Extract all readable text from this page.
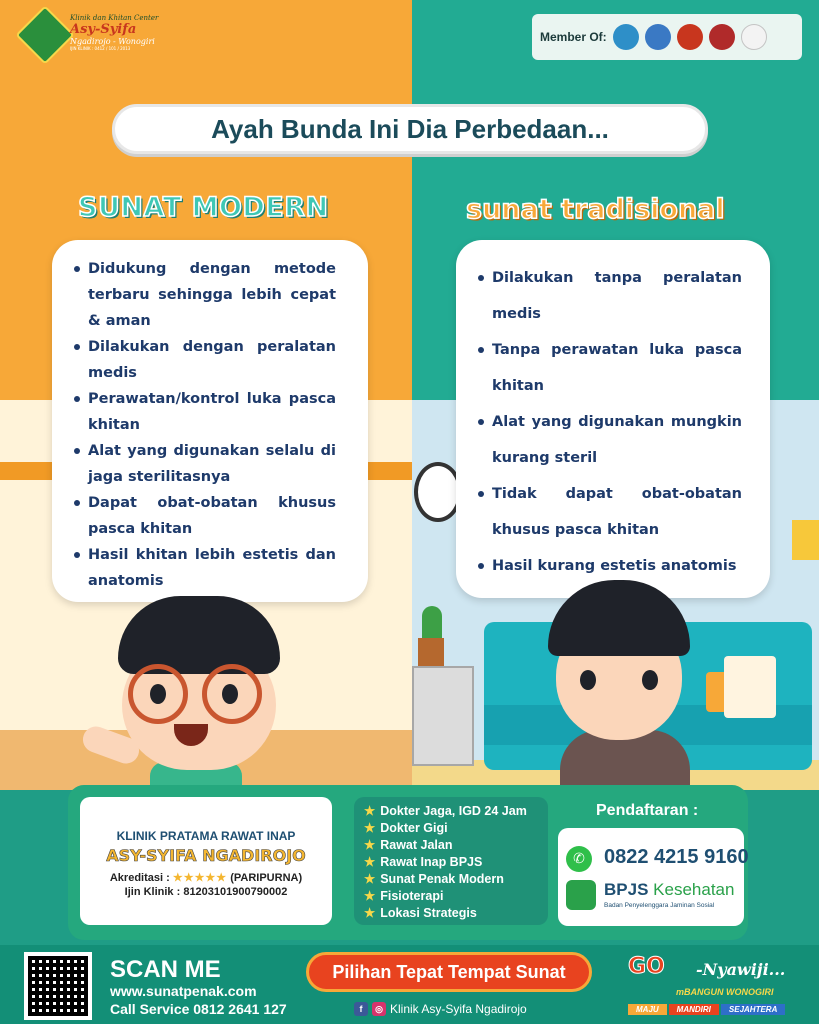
Klinik dan Khitan Center
Asy-Syifa
Ngadirojo - Wonogiri
IJIN KLINIK : 0412 / 101 / 2013
Member Of:
Ayah Bunda Ini Dia Perbedaan...
SUNAT MODERN	sunat tradisional
Didukung dengan metode terbaru sehingga lebih cepat & aman
Dilakukan dengan peralatan medis
Perawatan/kontrol luka pasca khitan
Alat yang digunakan selalu di jaga sterilitasnya
Dapat obat-obatan khusus pasca khitan
Hasil khitan lebih estetis dan anatomis
Dilakukan tanpa peralatan medis
Tanpa perawatan luka pasca khitan
Alat yang digunakan mungkin kurang steril
Tidak dapat obat-obatan khusus pasca khitan
Hasil kurang estetis anatomis
KLINIK PRATAMA RAWAT INAP
ASY-SYIFA NGADIROJO
Akreditasi : ★★★★★ (PARIPURNA)
Ijin Klinik : 81203101900790002
★ Dokter Jaga, IGD 24 Jam
★ Dokter Gigi
★ Rawat Jalan
★ Rawat Inap BPJS
★ Sunat Penak Modern
★ Fisioterapi
★ Lokasi Strategis
Pendaftaran :
✆ 0822 4215 9160
BPJS Kesehatan
Badan Penyelenggara Jaminan Sosial
SCAN ME
www.sunatpenak.com
Call Service 0812 2641 127
Pilihan Tepat Tempat Sunat
f	◎ Klinik Asy-Syifa Ngadirojo
GO -Nyawiji...
mBANGUN WONOGIRI
MAJU	MANDIRI	SEJAHTERA
